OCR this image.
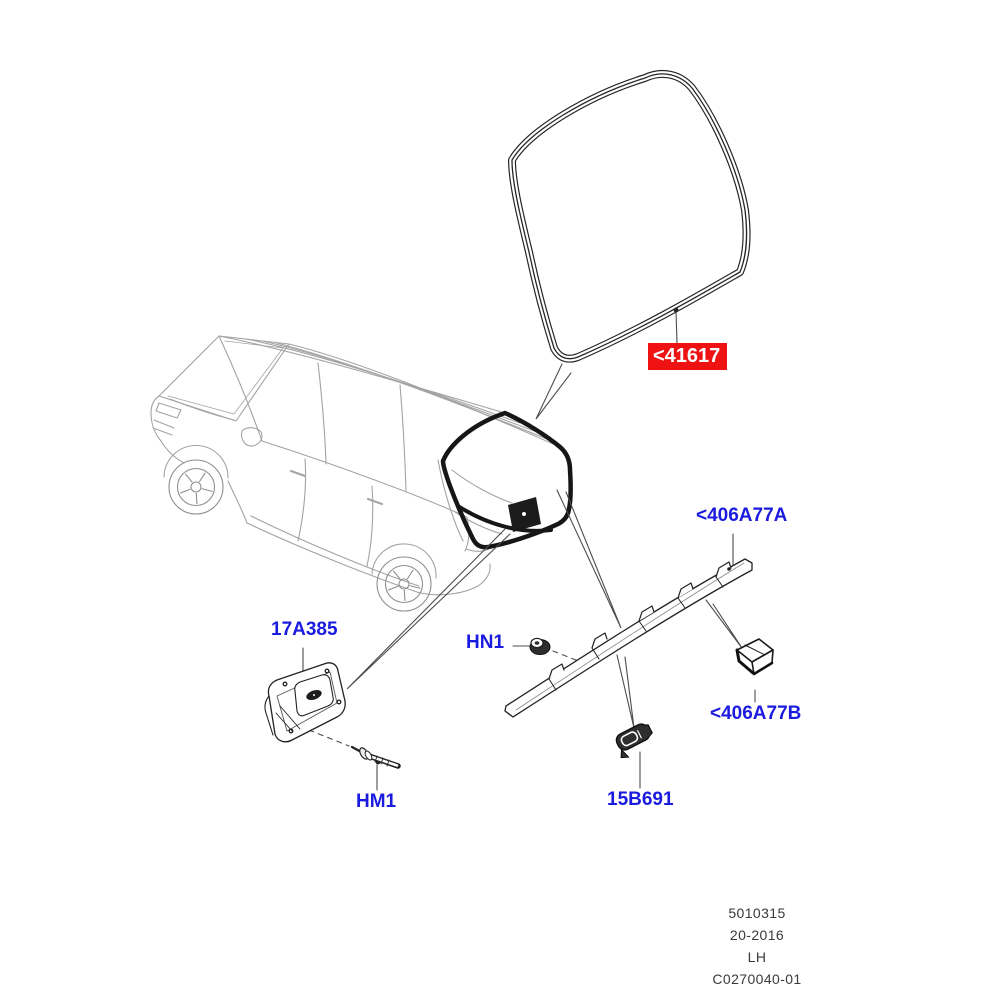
<41617
<406A77A
17A385
HN1
HM1	15B691
<406A77B
5010315
20-2016
LH
C0270040-01
